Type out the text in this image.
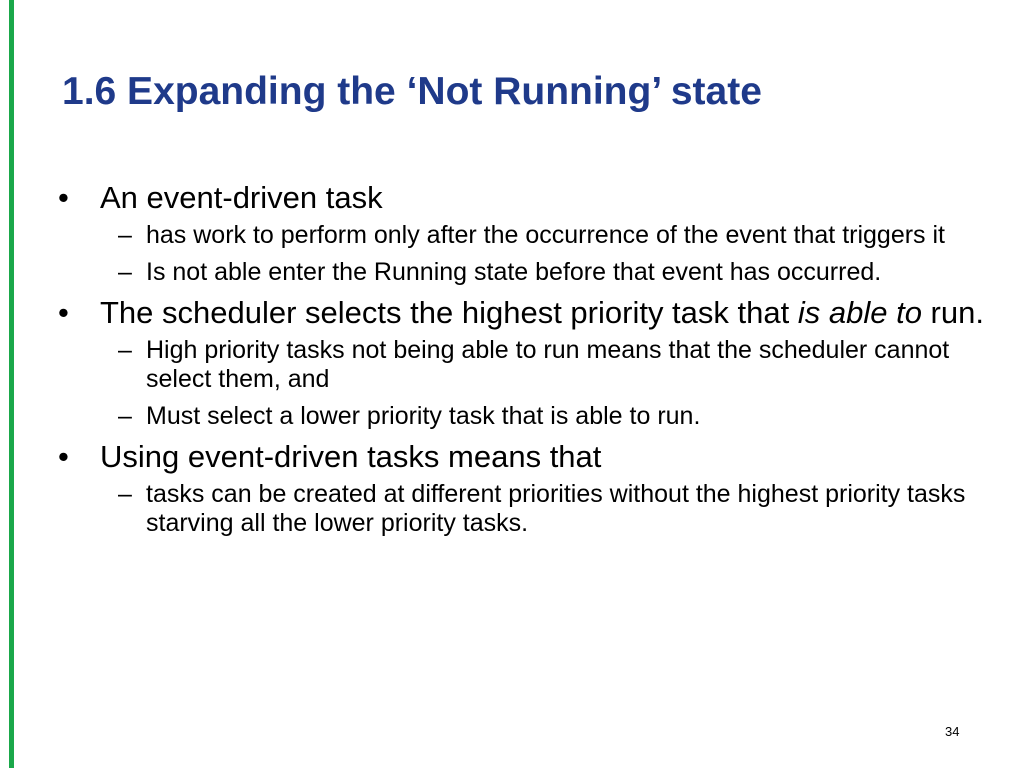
1.6 Expanding the ‘Not Running’ state
• An event-driven task
– has work to perform only after the occurrence of the event that triggers it
– Is not able enter the Running state before that event has occurred.
• The scheduler selects the highest priority task that is able to run.
– High priority tasks not being able to run means that the scheduler cannot select them, and
– Must select a lower priority task that is able to run.
• Using event-driven tasks means that
– tasks can be created at different priorities without the highest priority tasks starving all the lower priority tasks.
34
